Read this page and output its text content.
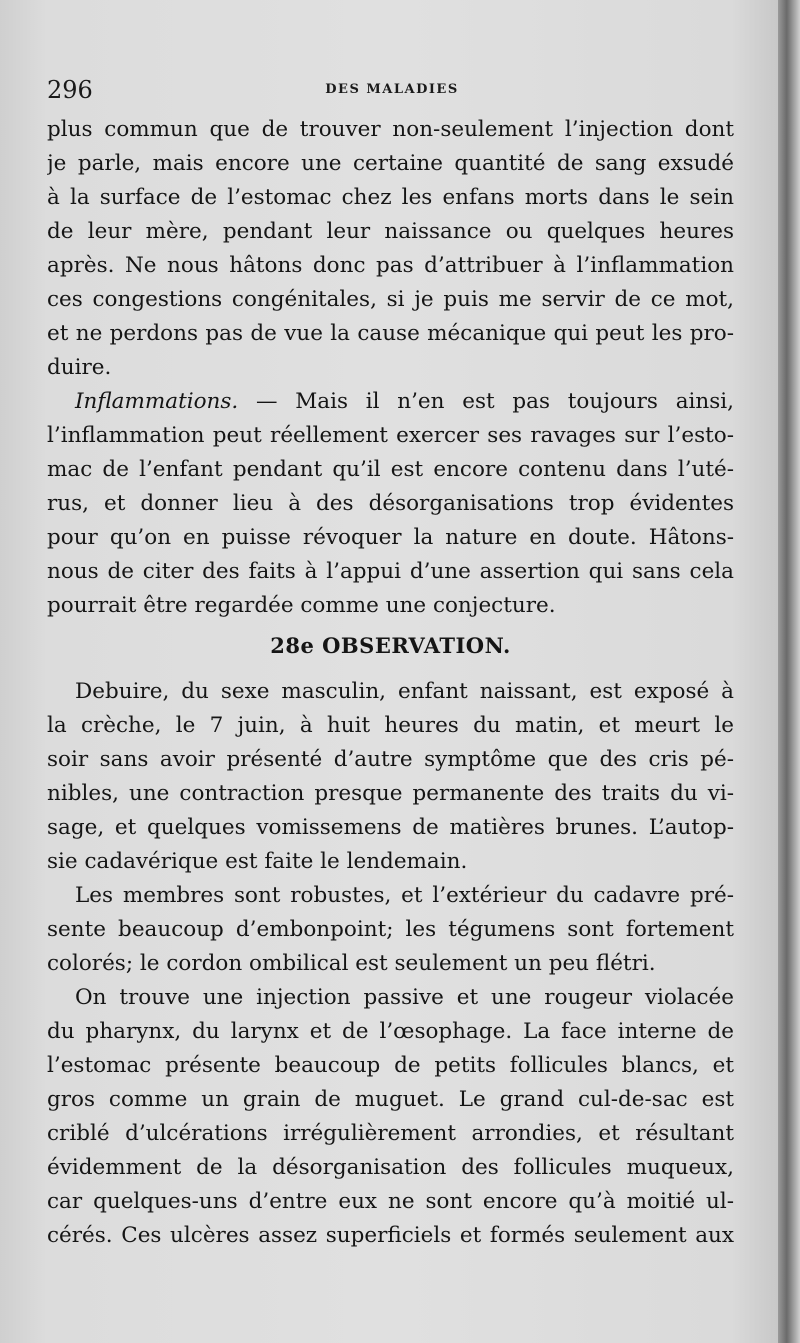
296	DES MALADIES
plus commun que de trouver non-seulement l’injection dont
je parle, mais encore une certaine quantité de sang exsudé
à la surface de l’estomac chez les enfans morts dans le sein
de leur mère, pendant leur naissance ou quelques heures
après. Ne nous hâtons donc pas d’attribuer à l’inflammation
ces congestions congénitales, si je puis me servir de ce mot,
et ne perdons pas de vue la cause mécanique qui peut les pro-
duire.
Inflammations. — Mais il n’en est pas toujours ainsi,
l’inflammation peut réellement exercer ses ravages sur l’esto-
mac de l’enfant pendant qu’il est encore contenu dans l’uté-
rus, et donner lieu à des désorganisations trop évidentes
pour qu’on en puisse révoquer la nature en doute. Hâtons-
nous de citer des faits à l’appui d’une assertion qui sans cela
pourrait être regardée comme une conjecture.
28e OBSERVATION.
Debuire, du sexe masculin, enfant naissant, est exposé à
la crèche, le 7 juin, à huit heures du matin, et meurt le
soir sans avoir présenté d’autre symptôme que des cris pé-
nibles, une contraction presque permanente des traits du vi-
sage, et quelques vomissemens de matières brunes. L’autop-
sie cadavérique est faite le lendemain.
Les membres sont robustes, et l’extérieur du cadavre pré-
sente beaucoup d’embonpoint; les tégumens sont fortement
colorés; le cordon ombilical est seulement un peu flétri.
On trouve une injection passive et une rougeur violacée
du pharynx, du larynx et de l’œsophage. La face interne de
l’estomac présente beaucoup de petits follicules blancs, et
gros comme un grain de muguet. Le grand cul-de-sac est
criblé d’ulcérations irrégulièrement arrondies, et résultant
évidemment de la désorganisation des follicules muqueux,
car quelques-uns d’entre eux ne sont encore qu’à moitié ul-
cérés. Ces ulcères assez superficiels et formés seulement aux
